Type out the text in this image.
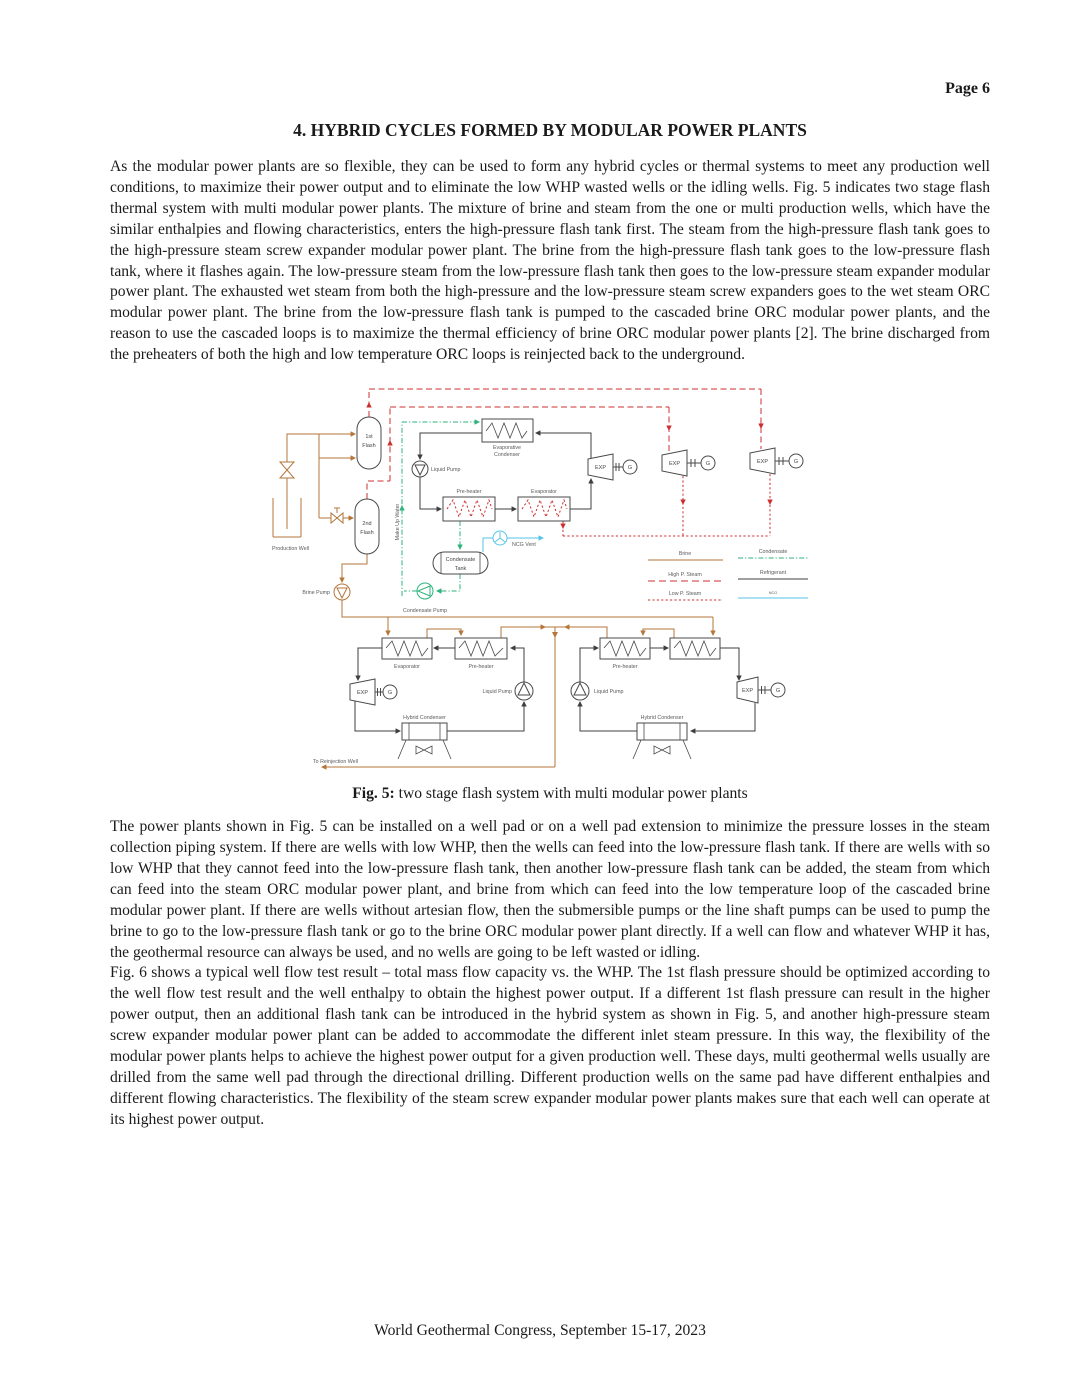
Page 6
4. HYBRID CYCLES FORMED BY MODULAR POWER PLANTS

As the modular power plants are so flexible, they can be used to form any hybrid cycles or thermal systems to meet any production well conditions, to maximize their power output and to eliminate the low WHP wasted wells or the idling wells. Fig. 5 indicates two stage flash thermal system with multi modular power plants. The mixture of brine and steam from the one or multi production wells, which have the similar enthalpies and flowing characteristics, enters the high-pressure flash tank first. The steam from the high-pressure flash tank goes to the high-pressure steam screw expander modular power plant. The brine from the high-pressure flash tank goes to the low-pressure flash tank, where it flashes again. The low-pressure steam from the low-pressure flash tank then goes to the low-pressure steam expander modular power plant. The exhausted wet steam from both the high-pressure and the low-pressure steam screw expanders goes to the wet steam ORC modular power plant. The brine from the low-pressure flash tank is pumped to the cascaded brine ORC modular power plants, and the reason to use the cascaded loops is to maximize the thermal efficiency of brine ORC modular power plants [2]. The brine discharged from the preheaters of both the high and low temperature ORC loops is reinjected back to the underground.

Brine
High P. Steam
Low P. Steam
Condensate
Refrigerant
NCG
Production Well
1st
Flash
2nd
Flash
Brine Pump
Make Up Water
Liquid Pump
Evaporative
Condenser
Pre-heater	Evaporator
EXP	G
EXP	G	EXP	G
NCG Vent
Condensate
Tank
Condensate Pump
Evaporator	Pre-heater
EXP	G	Liquid Pump
Hybrid Condenser
Pre-heater
Liquid Pump	EXP	G
Hybrid Condenser
To Reinjection Well
Fig. 5: two stage flash system with multi modular power plants

The power plants shown in Fig. 5 can be installed on a well pad or on a well pad extension to minimize the pressure losses in the steam collection piping system. If there are wells with low WHP, then the wells can feed into the low-pressure flash tank. If there are wells with so low WHP that they cannot feed into the low-pressure flash tank, then another low-pressure flash tank can be added, the steam from which can feed into the steam ORC modular power plant, and brine from which can feed into the low temperature loop of the cascaded brine modular power plant. If there are wells without artesian flow, then the submersible pumps or the line shaft pumps can be used to pump the brine to go to the low-pressure flash tank or go to the brine ORC modular power plant directly. If a well can flow and whatever WHP it has, the geothermal resource can always be used, and no wells are going to be left wasted or idling.

Fig. 6 shows a typical well flow test result – total mass flow capacity vs. the WHP. The 1st flash pressure should be optimized according to the well flow test result and the well enthalpy to obtain the highest power output. If a different 1st flash pressure can result in the higher power output, then an additional flash tank can be introduced in the hybrid system as shown in Fig. 5, and another high-pressure steam screw expander modular power plant can be added to accommodate the different inlet steam pressure. In this way, the flexibility of the modular power plants helps to achieve the highest power output for a given production well. These days, multi geothermal wells usually are drilled from the same well pad through the directional drilling. Different production wells on the same pad have different enthalpies and different flowing characteristics. The flexibility of the steam screw expander modular power plants makes sure that each well can operate at its highest power output.

World Geothermal Congress, September 15-17, 2023
